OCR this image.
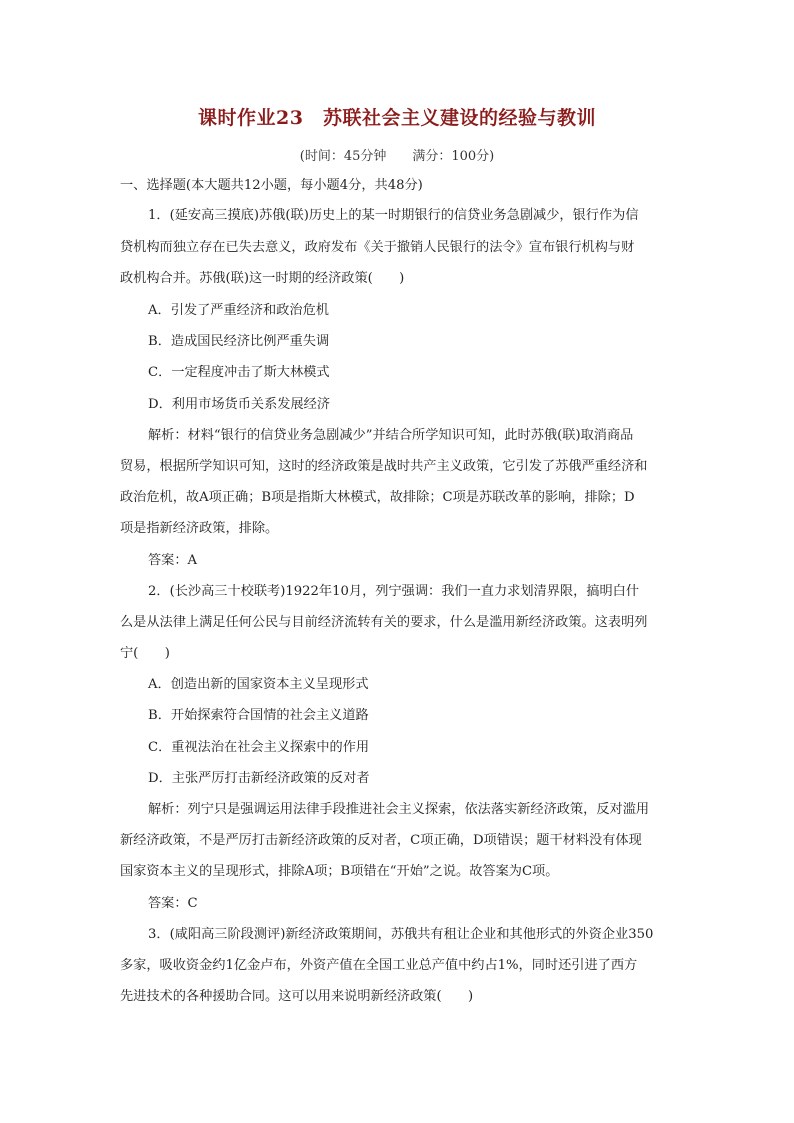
课时作业23　苏联社会主义建设的经验与教训
(时间：45分钟　　满分：100分)
一、选择题(本大题共12小题，每小题4分，共48分)
1．(延安高三摸底)苏俄(联)历史上的某一时期银行的信贷业务急剧减少，银行作为信
贷机构而独立存在已失去意义，政府发布《关于撤销人民银行的法令》宣布银行机构与财
政机构合并。苏俄(联)这一时期的经济政策(　　)
A．引发了严重经济和政治危机
B．造成国民经济比例严重失调
C．一定程度冲击了斯大林模式
D．利用市场货币关系发展经济
解析：材料“银行的信贷业务急剧减少”并结合所学知识可知，此时苏俄(联)取消商品
贸易，根据所学知识可知，这时的经济政策是战时共产主义政策，它引发了苏俄严重经济和
政治危机，故A项正确；B项是指斯大林模式，故排除；C项是苏联改革的影响，排除；D
项是指新经济政策，排除。
答案：A
2．(长沙高三十校联考)1922年10月，列宁强调：我们一直力求划清界限，搞明白什
么是从法律上满足任何公民与目前经济流转有关的要求，什么是滥用新经济政策。这表明列
宁(　　)
A．创造出新的国家资本主义呈现形式
B．开始探索符合国情的社会主义道路
C．重视法治在社会主义探索中的作用
D．主张严厉打击新经济政策的反对者
解析：列宁只是强调运用法律手段推进社会主义探索，依法落实新经济政策，反对滥用
新经济政策，不是严厉打击新经济政策的反对者，C项正确，D项错误；题干材料没有体现
国家资本主义的呈现形式，排除A项；B项错在“开始”之说。故答案为C项。
答案：C
3．(咸阳高三阶段测评)新经济政策期间，苏俄共有租让企业和其他形式的外资企业350
多家，吸收资金约1亿金卢布，外资产值在全国工业总产值中约占1%，同时还引进了西方
先进技术的各种援助合同。这可以用来说明新经济政策(　　)
